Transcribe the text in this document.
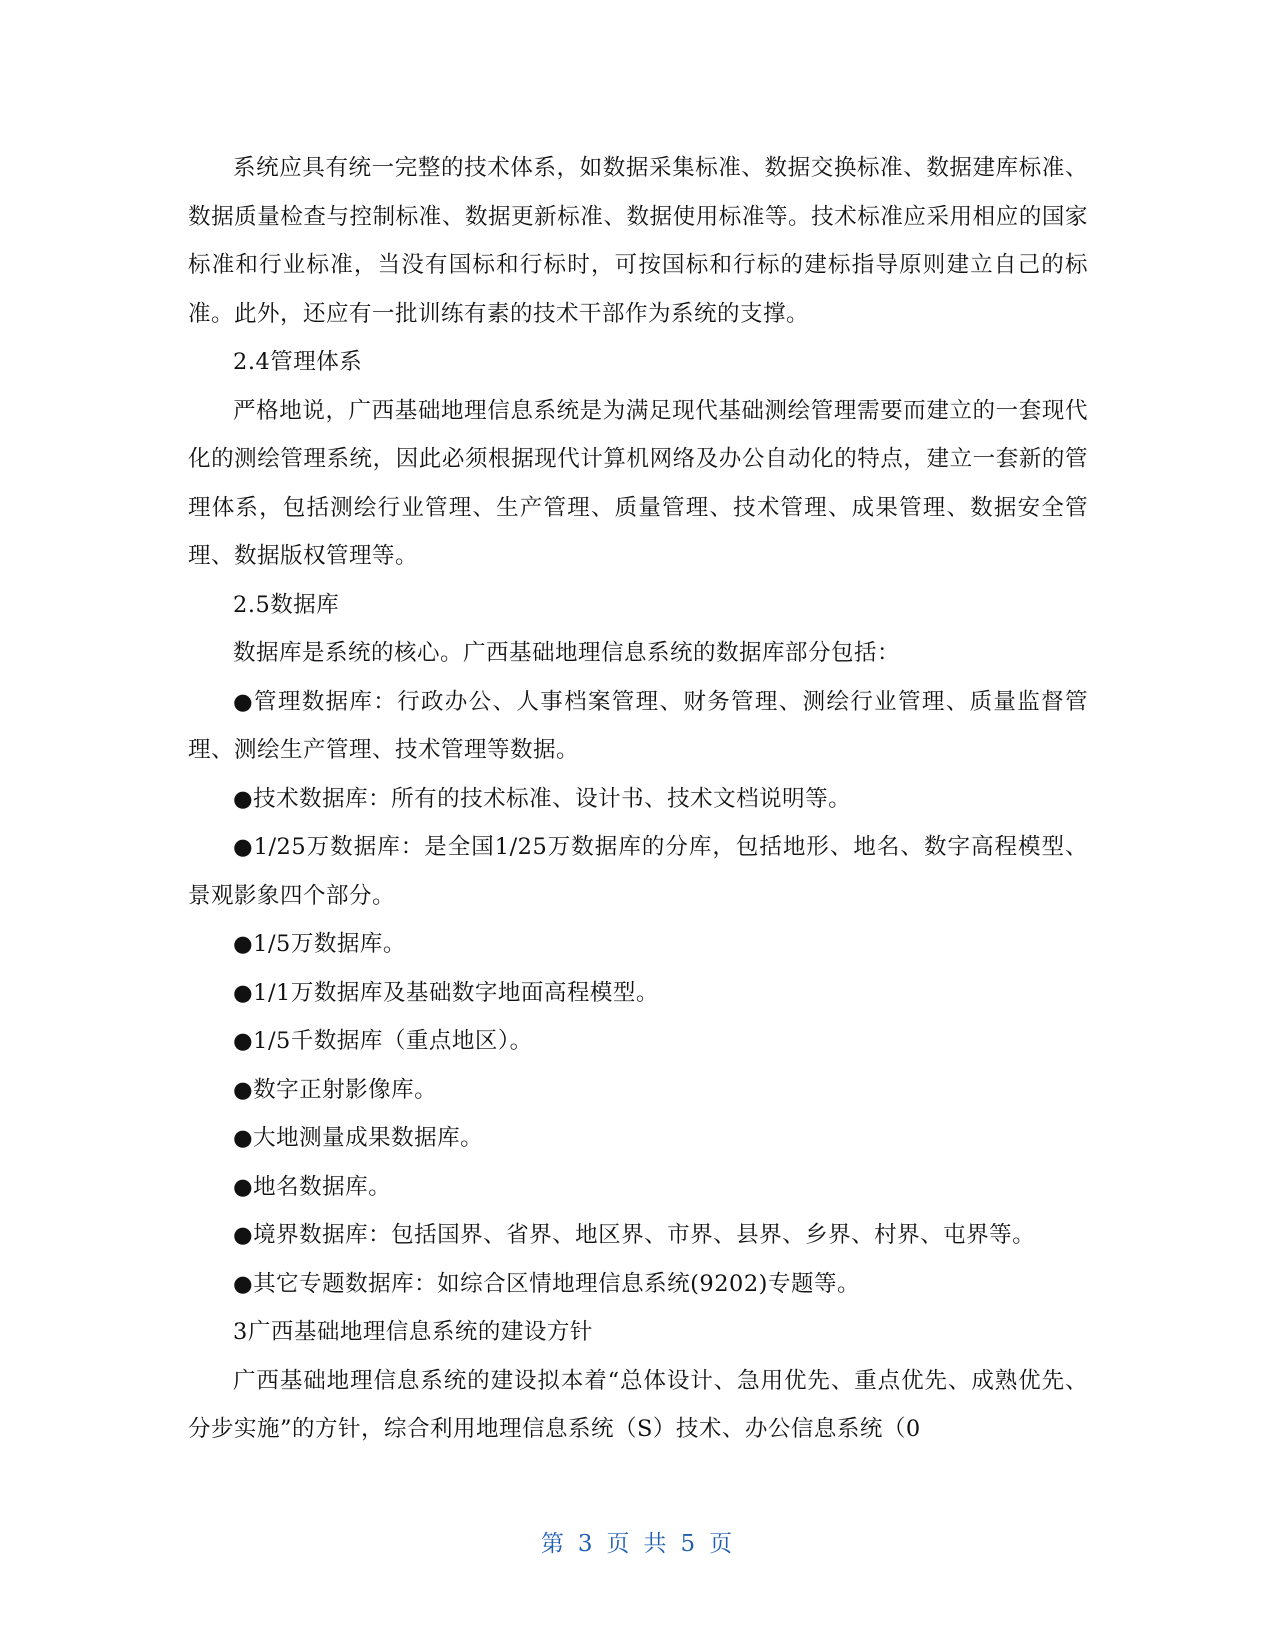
系统应具有统一完整的技术体系，如数据采集标准、数据交换标准、数据建库标准、数据质量检查与控制标准、数据更新标准、数据使用标准等。技术标准应采用相应的国家标准和行业标准，当没有国标和行标时，可按国标和行标的建标指导原则建立自己的标准。此外，还应有一批训练有素的技术干部作为系统的支撑。

2.4管理体系

严格地说，广西基础地理信息系统是为满足现代基础测绘管理需要而建立的一套现代化的测绘管理系统，因此必须根据现代计算机网络及办公自动化的特点，建立一套新的管理体系，包括测绘行业管理、生产管理、质量管理、技术管理、成果管理、数据安全管理、数据版权管理等。

2.5数据库

数据库是系统的核心。广西基础地理信息系统的数据库部分包括：

●管理数据库：行政办公、人事档案管理、财务管理、测绘行业管理、质量监督管理、测绘生产管理、技术管理等数据。

●技术数据库：所有的技术标准、设计书、技术文档说明等。

●1/25万数据库：是全国1/25万数据库的分库，包括地形、地名、数字高程模型、景观影象四个部分。

●1/5万数据库。

●1/1万数据库及基础数字地面高程模型。

●1/5千数据库（重点地区）。

●数字正射影像库。

●大地测量成果数据库。

●地名数据库。

●境界数据库：包括国界、省界、地区界、市界、县界、乡界、村界、屯界等。

●其它专题数据库：如综合区情地理信息系统(9202)专题等。

3广西基础地理信息系统的建设方针

广西基础地理信息系统的建设拟本着“总体设计、急用优先、重点优先、成熟优先、分步实施”的方针，综合利用地理信息系统（S）技术、办公信息系统（0

第 3 页 共 5 页
